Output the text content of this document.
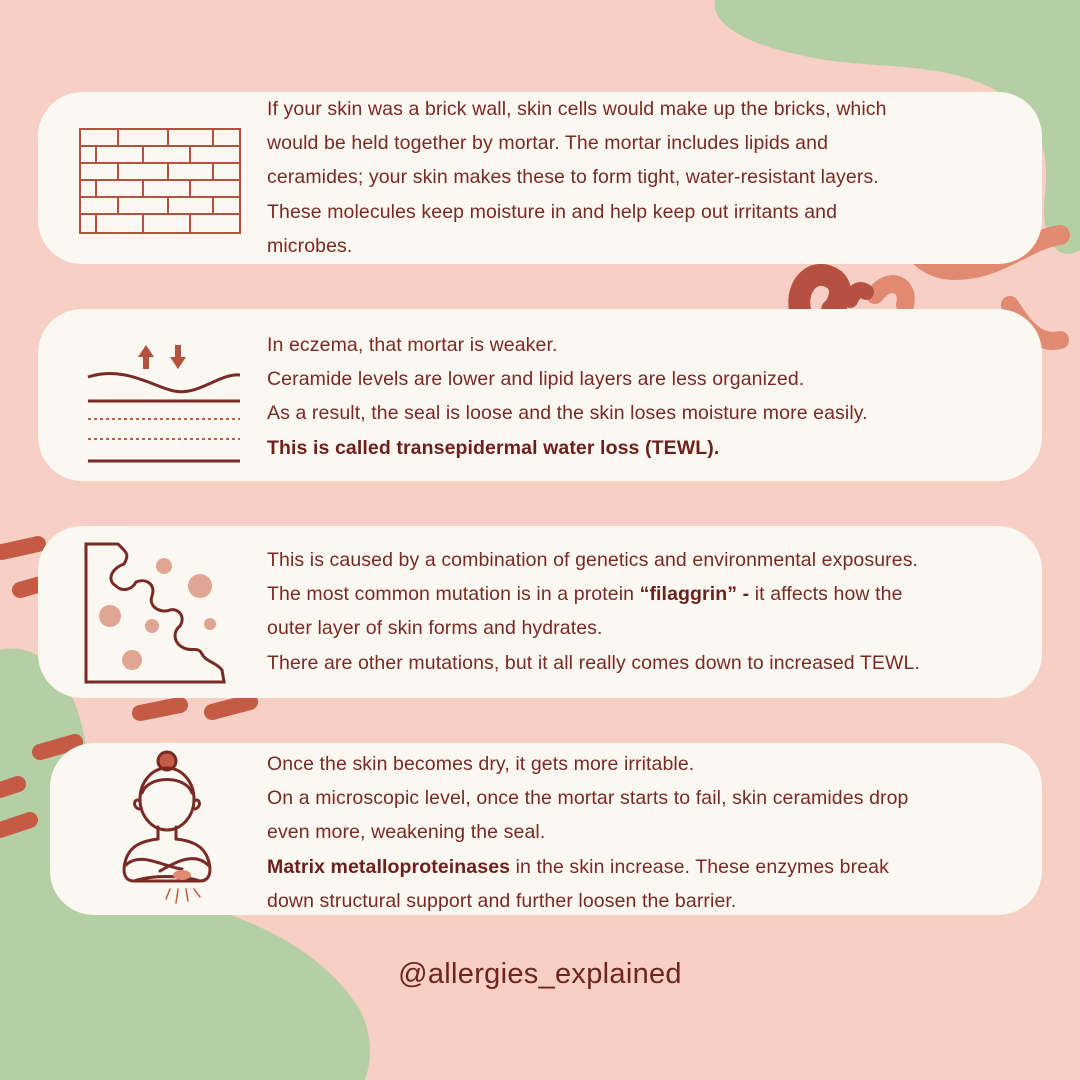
If your skin was a brick wall, skin cells would make up the bricks, which

would be held together by mortar. The mortar includes lipids and

ceramides; your skin makes these to form tight, water-resistant layers.

These molecules keep moisture in and help keep out irritants and

microbes.

In eczema, that mortar is weaker.

Ceramide levels are lower and lipid layers are less organized.

As a result, the seal is loose and the skin loses moisture more easily.

This is called transepidermal water loss (TEWL).

This is caused by a combination of genetics and environmental exposures.

The most common mutation is in a protein “filaggrin” - it affects how the

outer layer of skin forms and hydrates.

There are other mutations, but it all really comes down to increased TEWL.

Once the skin becomes dry, it gets more irritable.

On a microscopic level, once the mortar starts to fail, skin ceramides drop

even more, weakening the seal.

Matrix metalloproteinases in the skin increase. These enzymes break

down structural support and further loosen the barrier.

@allergies_explained
